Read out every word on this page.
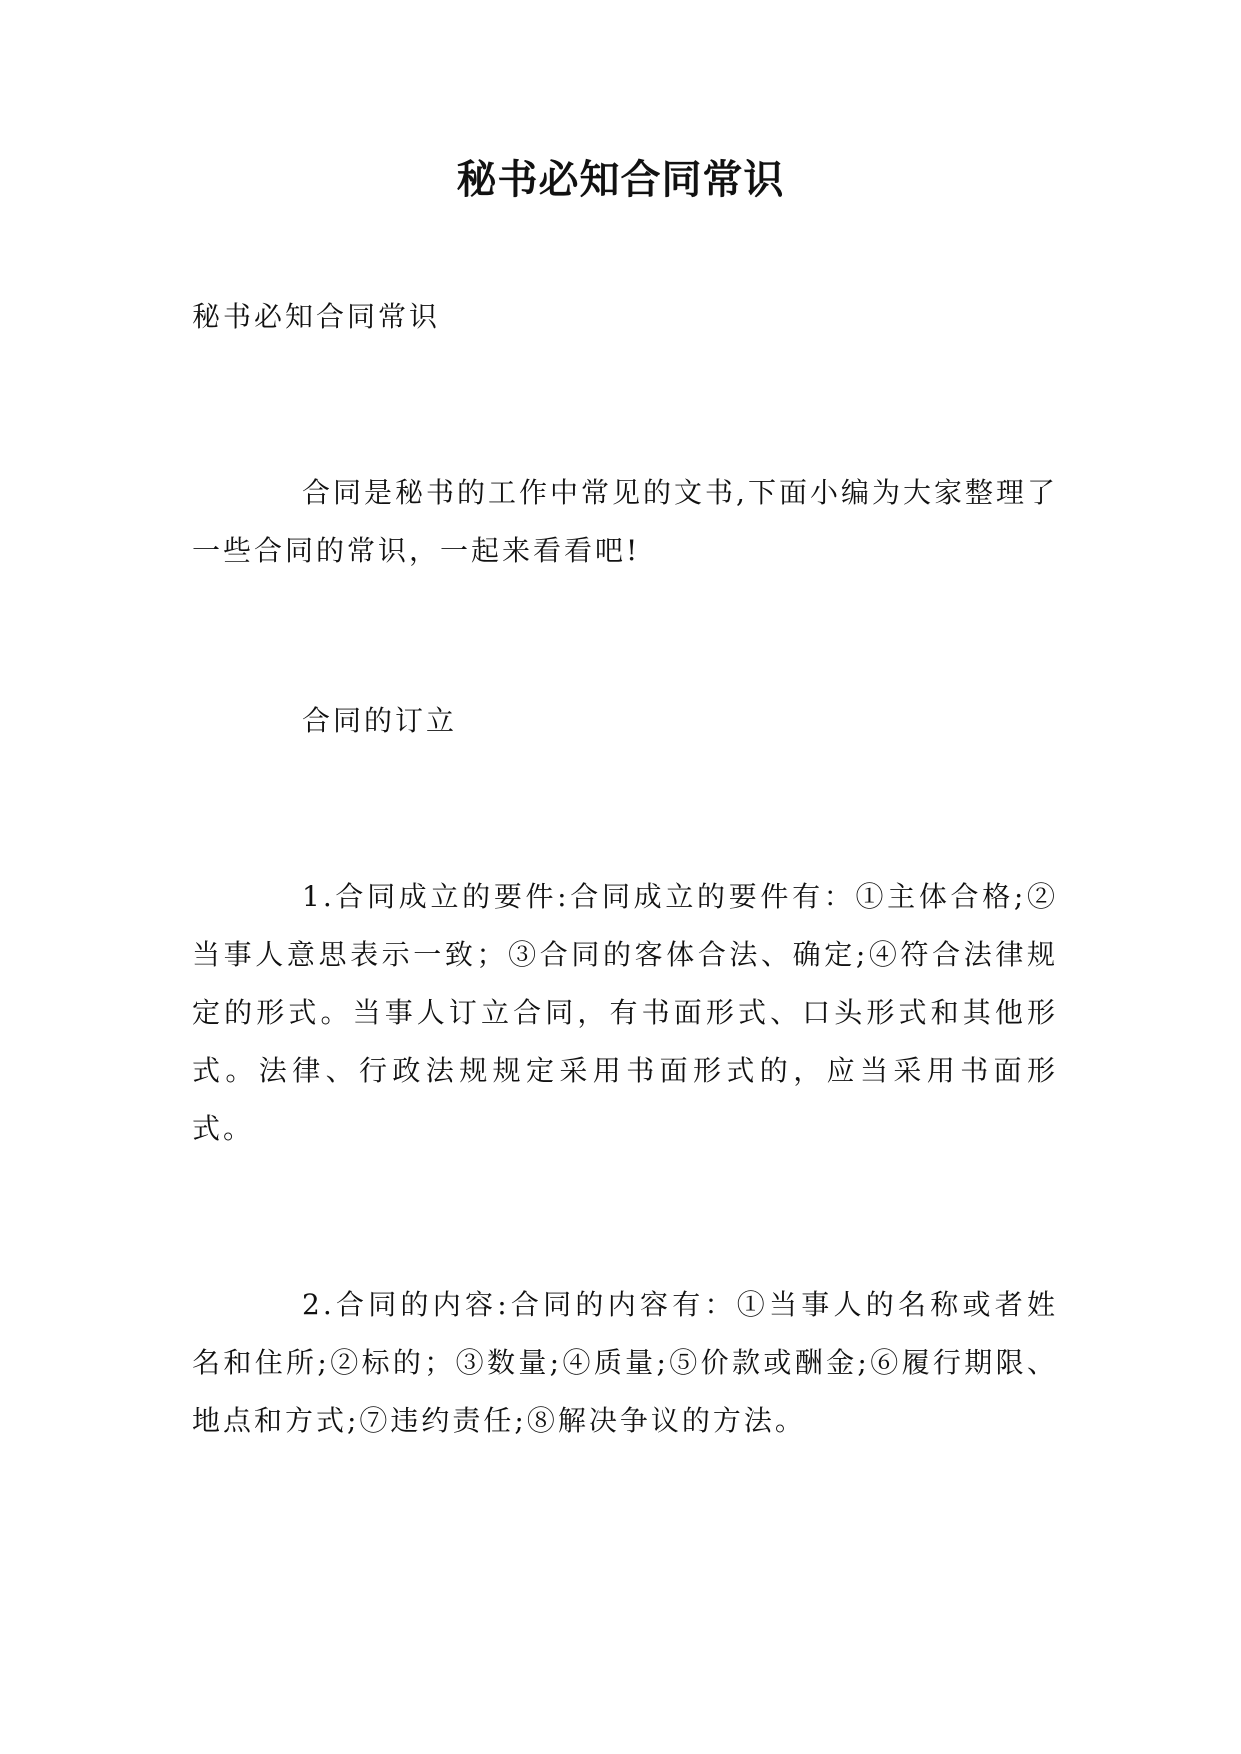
秘书必知合同常识

秘书必知合同常识

合同是秘书的工作中常见的文书,下面小编为大家整理了一些合同的常识，一起来看看吧!

合同的订立

1.合同成立的要件:合同成立的要件有：①主体合格;②当事人意思表示一致；③合同的客体合法、确定;④符合法律规定的形式。当事人订立合同，有书面形式、口头形式和其他形式。法律、行政法规规定采用书面形式的，应当采用书面形式。

2.合同的内容:合同的内容有：①当事人的名称或者姓名和住所;②标的；③数量;④质量;⑤价款或酬金;⑥履行期限、地点和方式;⑦违约责任;⑧解决争议的方法。
